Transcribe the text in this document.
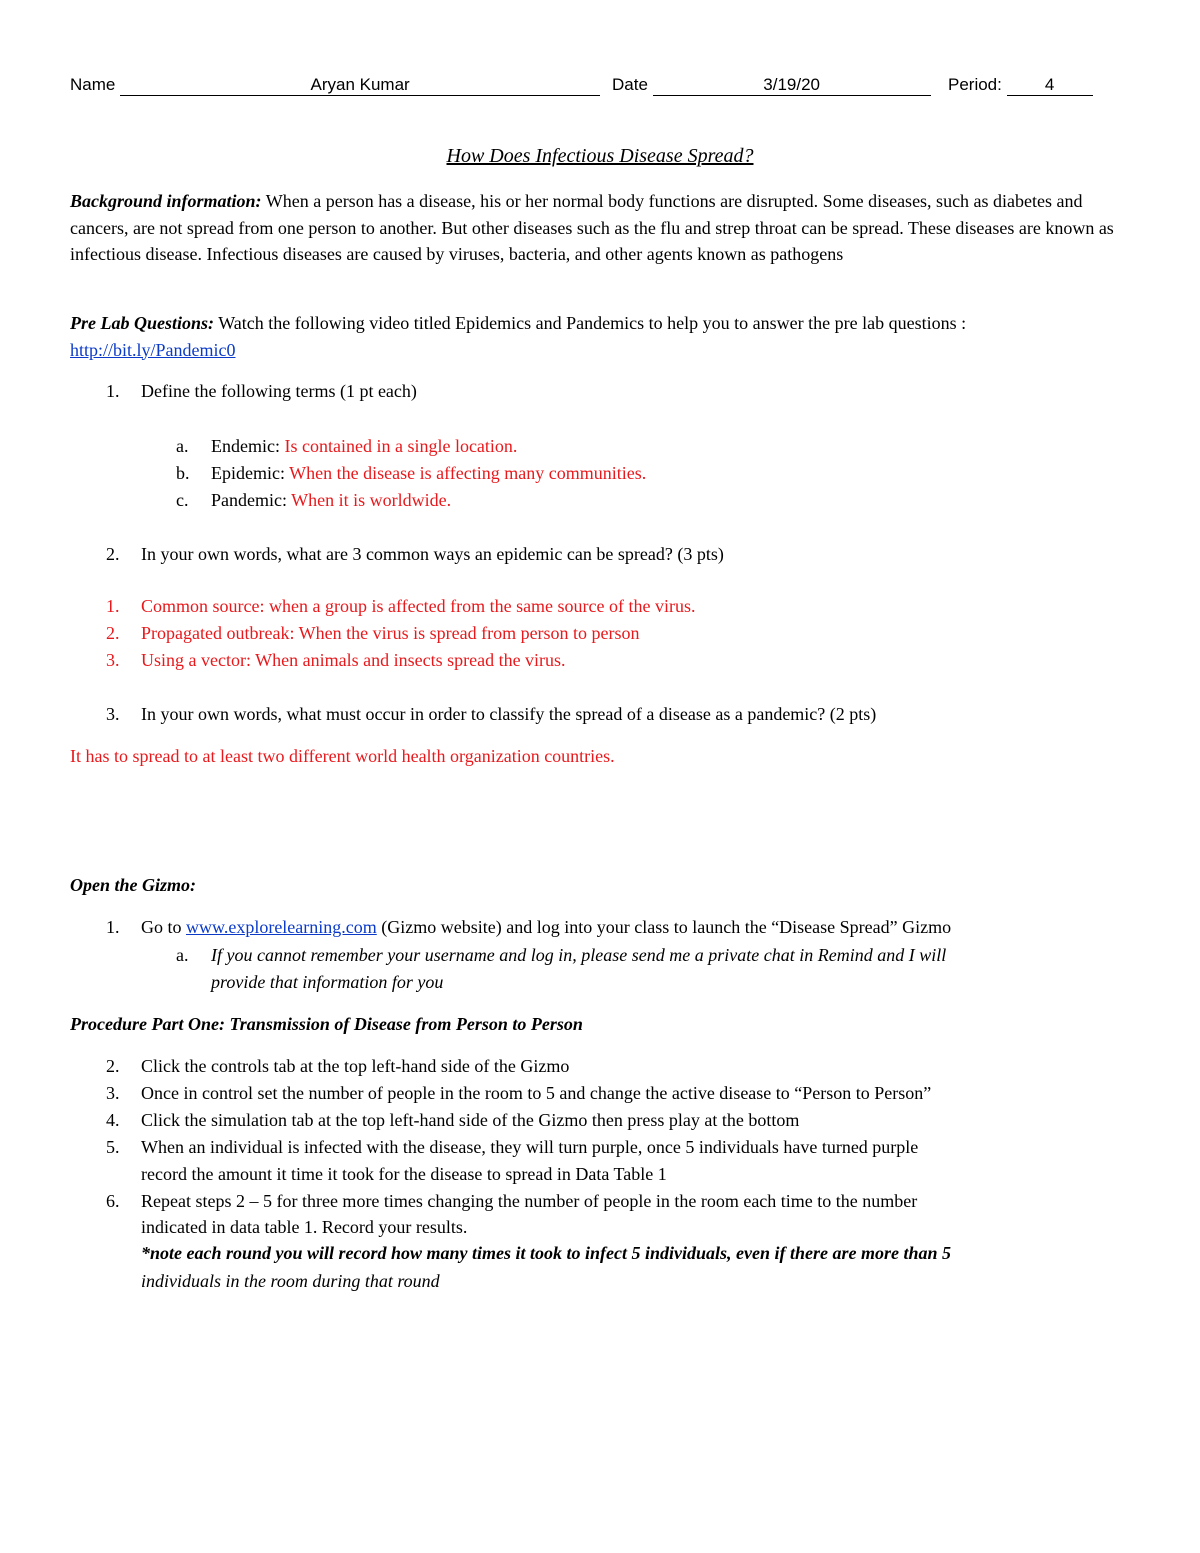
Name	Aryan Kumar	Date	3/19/20	Period:	4
How Does Infectious Disease Spread?
Background information: When a person has a disease, his or her normal body functions are disrupted. Some diseases, such as diabetes and cancers, are not spread from one person to another. But other diseases such as the flu and strep throat can be spread. These diseases are known as infectious disease. Infectious diseases are caused by viruses, bacteria, and other agents known as pathogens
Pre Lab Questions: Watch the following video titled Epidemics and Pandemics to help you to answer the pre lab questions : http://bit.ly/Pandemic0
1. Define the following terms (1 pt each)
a. Endemic: Is contained in a single location.
b. Epidemic: When the disease is affecting many communities.
c. Pandemic: When it is worldwide.
2. In your own words, what are 3 common ways an epidemic can be spread? (3 pts)
1. Common source: when a group is affected from the same source of the virus.
2. Propagated outbreak: When the virus is spread from person to person
3. Using a vector: When animals and insects spread the virus.
3. In your own words, what must occur in order to classify the spread of a disease as a pandemic? (2 pts)
It has to spread to at least two different world health organization countries.
Open the Gizmo:
1. Go to www.explorelearning.com (Gizmo website) and log into your class to launch the “Disease Spread” Gizmo
a. If you cannot remember your username and log in, please send me a private chat in Remind and I will
provide that information for you
Procedure Part One: Transmission of Disease from Person to Person
2. Click the controls tab at the top left-hand side of the Gizmo
3. Once in control set the number of people in the room to 5 and change the active disease to “Person to Person”
4. Click the simulation tab at the top left-hand side of the Gizmo then press play at the bottom
5. When an individual is infected with the disease, they will turn purple, once 5 individuals have turned purple
record the amount it time it took for the disease to spread in Data Table 1
6. Repeat steps 2 – 5 for three more times changing the number of people in the room each time to the number
indicated in data table 1. Record your results.
*note each round you will record how many times it took to infect 5 individuals, even if there are more than 5
individuals in the room during that round
